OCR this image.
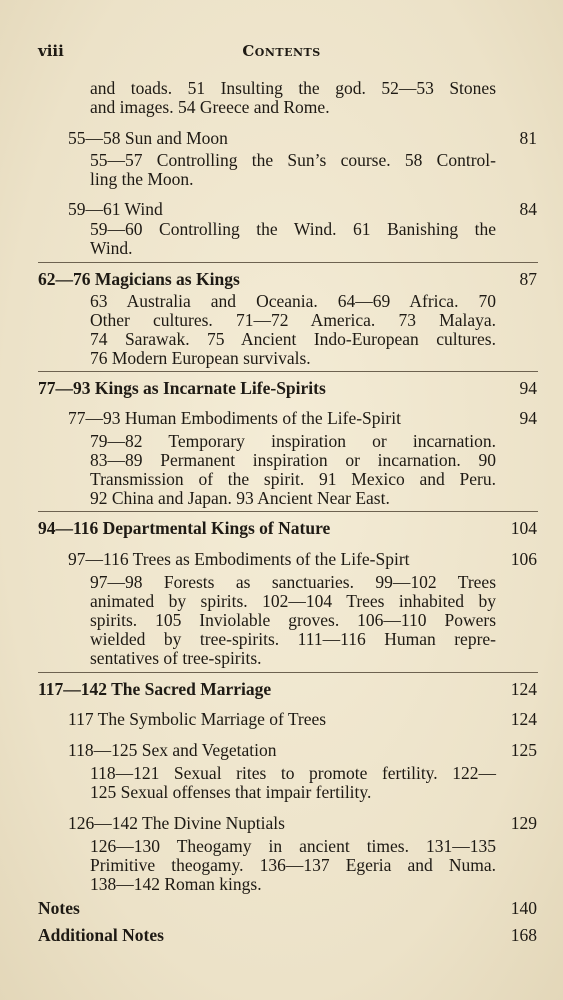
viii	Contents
and toads. 51 Insulting the god. 52—53 Stones
and images. 54 Greece and Rome.
55—58 Sun and Moon	81
55—57 Controlling the Sun’s course. 58 Control-
ling the Moon.
59—61 Wind	84
59—60 Controlling the Wind. 61 Banishing the
Wind.
62—76 Magicians as Kings	87
63 Australia and Oceania. 64—69 Africa. 70
Other cultures. 71—72 America. 73 Malaya.
74 Sarawak. 75 Ancient Indo-European cultures.
76 Modern European survivals.
77—93 Kings as Incarnate Life-Spirits	94
77—93 Human Embodiments of the Life-Spirit	94
79—82 Temporary inspiration or incarnation.
83—89 Permanent inspiration or incarnation. 90
Transmission of the spirit. 91 Mexico and Peru.
92 China and Japan. 93 Ancient Near East.
94—116 Departmental Kings of Nature	104
97—116 Trees as Embodiments of the Life-Spirt	106
97—98 Forests as sanctuaries. 99—102 Trees
animated by spirits. 102—104 Trees inhabited by
spirits. 105 Inviolable groves. 106—110 Powers
wielded by tree-spirits. 111—116 Human repre-
sentatives of tree-spirits.
117—142 The Sacred Marriage	124
117 The Symbolic Marriage of Trees	124
118—125 Sex and Vegetation	125
118—121 Sexual rites to promote fertility. 122—
125 Sexual offenses that impair fertility.
126—142 The Divine Nuptials	129
126—130 Theogamy in ancient times. 131—135
Primitive theogamy. 136—137 Egeria and Numa.
138—142 Roman kings.
Notes	140
Additional Notes	168
